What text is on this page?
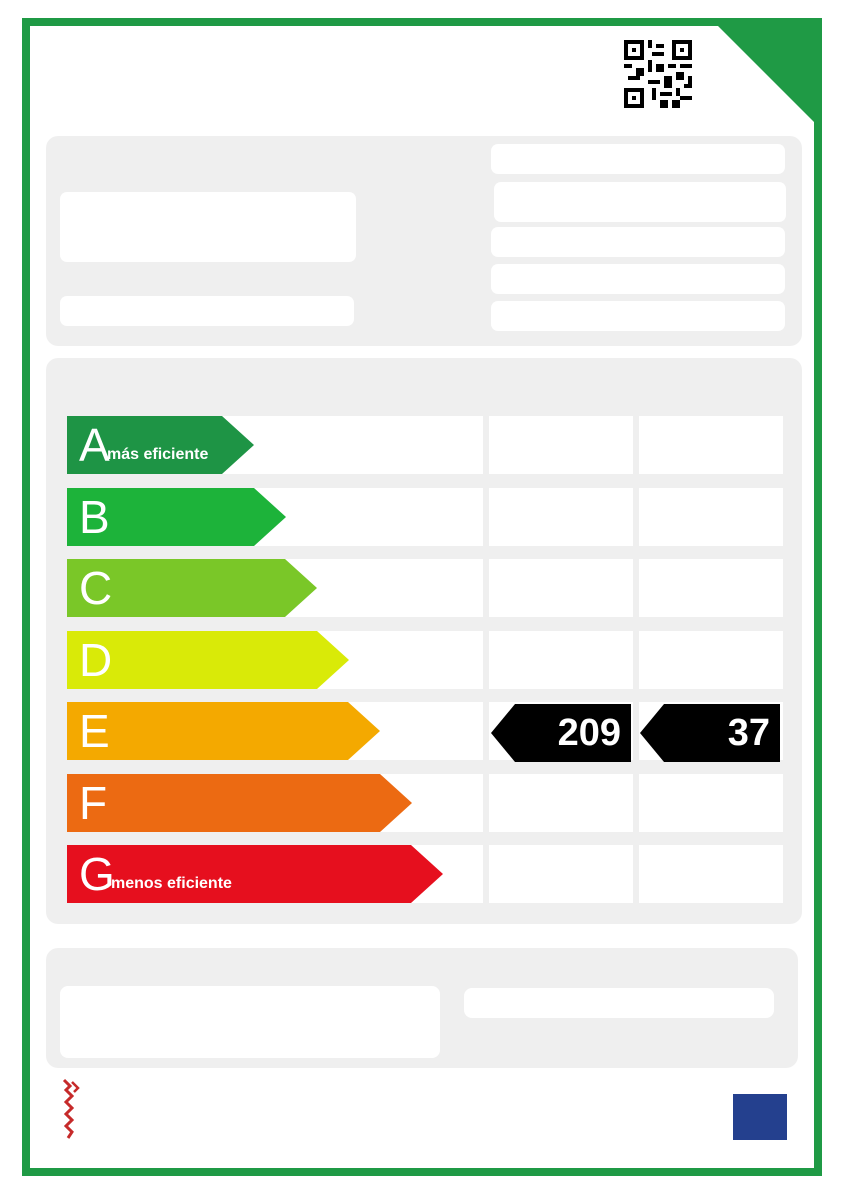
A
más eficiente
B
C
D
E	209	37
F
G
menos eficiente
